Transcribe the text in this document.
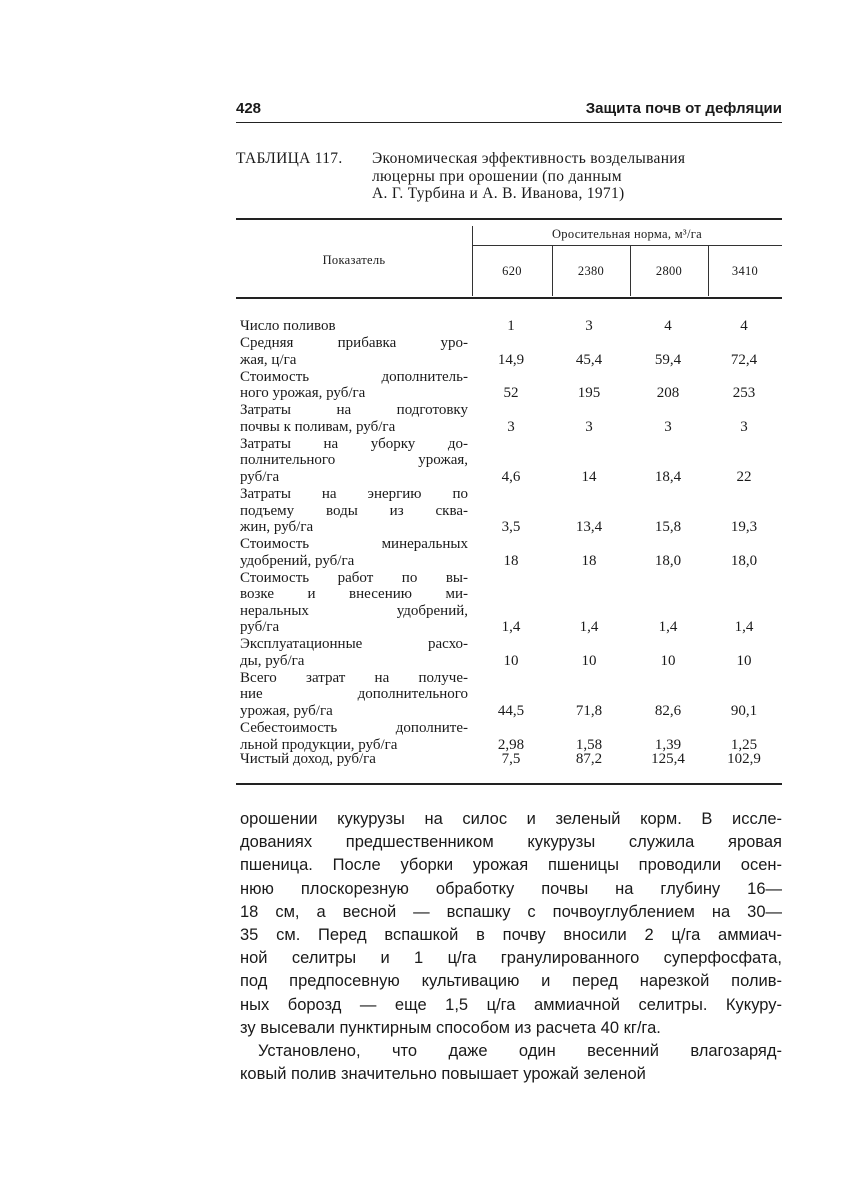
428	Защита почв от дефляции
ТАБЛИЦА 117. Экономическая эффективность возделывания
люцерны при орошении (по данным
А. Г. Турбина и А. В. Иванова, 1971)
Показатель
Оросительная норма, м³/га
620	2380	2800	3410
Число поливов	1	3	4	4
Средняя прибавка уро-
жая, ц/га	14,9	45,4	59,4	72,4
Стоимость дополнитель-
ного урожая, руб/га	52	195	208	253
Затраты на подготовку
почвы к поливам, руб/га	3	3	3	3
Затраты на уборку до-
полнительного урожая,
руб/га	4,6	14	18,4	22
Затраты на энергию по
подъему воды из сква-
жин, руб/га	3,5	13,4	15,8	19,3
Стоимость минеральных
удобрений, руб/га	18	18	18,0	18,0
Стоимость работ по вы-
возке и внесению ми-
неральных удобрений,
руб/га	1,4	1,4	1,4	1,4
Эксплуатационные расхо-
ды, руб/га	10	10	10	10
Всего затрат на получе-
ние дополнительного
урожая, руб/га	44,5	71,8	82,6	90,1
Себестоимость дополните-
льной продукции, руб/га	2,98	1,58	1,39	1,25
Чистый доход, руб/га	7,5	87,2	125,4	102,9
орошении кукурузы на силос и зеленый корм. В иссле-
дованиях предшественником кукурузы служила яровая
пшеница. После уборки урожая пшеницы проводили осен-
нюю плоскорезную обработку почвы на глубину 16—
18 см, а весной — вспашку с почвоуглублением на 30—
35 см. Перед вспашкой в почву вносили 2 ц/га аммиач-
ной селитры и 1 ц/га гранулированного суперфосфата,
под предпосевную культивацию и перед нарезкой полив-
ных борозд — еще 1,5 ц/га аммиачной селитры. Кукуру-
зу высевали пунктирным способом из расчета 40 кг/га.
Установлено, что даже один весенний влагозаряд-
ковый полив значительно повышает урожай зеленой
